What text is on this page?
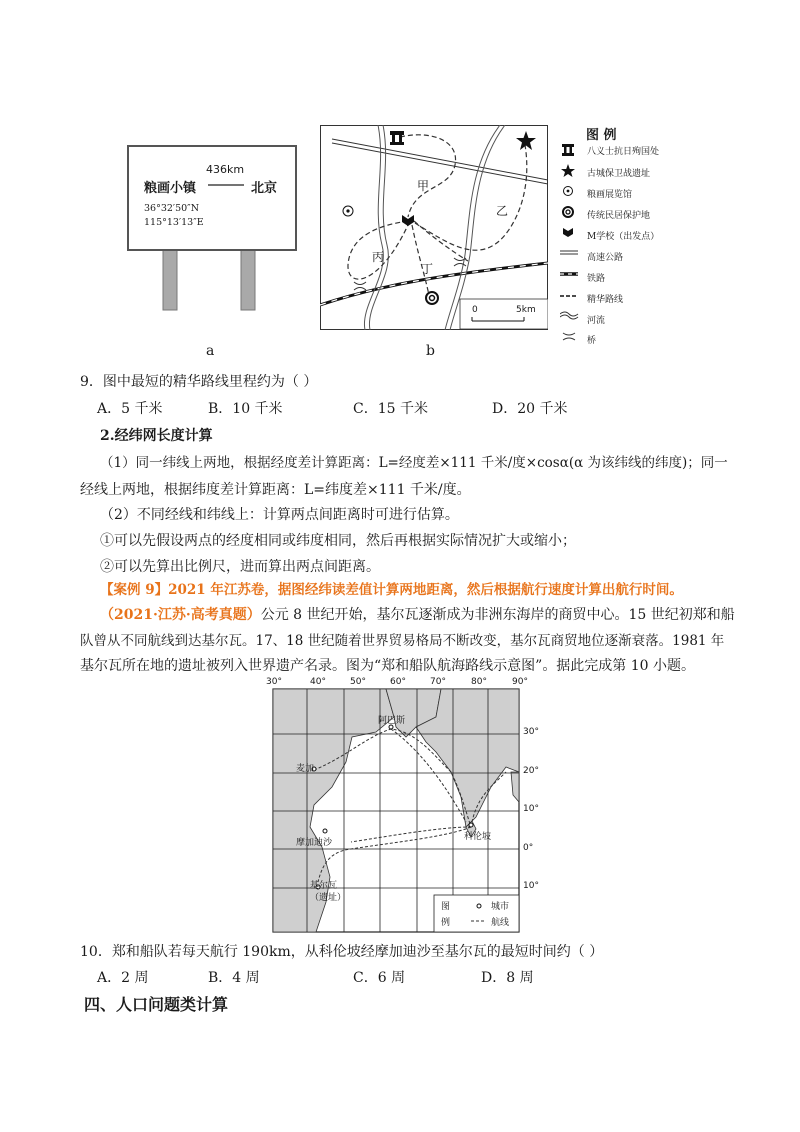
436km
粮画小镇	北京
36°32′50″N
115°13′13″E
a
甲
乙
丙
丁
0	5km
图 例
八义士抗日殉国处
古城保卫战遗址
粮画展览馆
传统民居保护地
M学校（出发点）
高速公路
铁路
精华路线
河流
桥
b
9．图中最短的精华路线里程约为（ ）
A．5 千米	B．10 千米	C．15 千米	D．20 千米
2.经纬网长度计算
（1）同一纬线上两地，根据经度差计算距离：L=经度差×111 千米/度×cosα(α 为该纬线的纬度)；同一
经线上两地，根据纬度差计算距离：L=纬度差×111 千米/度。
（2）不同经线和纬线上：计算两点间距离时可进行估算。
①可以先假设两点的经度相同或纬度相同，然后再根据实际情况扩大或缩小；
②可以先算出比例尺，进而算出两点间距离。
【案例 9】2021 年江苏卷，据图经纬读差值计算两地距离，然后根据航行速度计算出航行时间。
（2021·江苏·高考真题）公元 8 世纪开始，基尔瓦逐渐成为非洲东海岸的商贸中心。15 世纪初郑和船
队曾从不同航线到达基尔瓦。17、18 世纪随着世界贸易格局不断改变，基尔瓦商贸地位逐渐衰落。1981 年
基尔瓦所在地的遗址被列入世界遗产名录。图为“郑和船队航海路线示意图”。据此完成第 10 小题。
30°	40°	50°	60°	70°	80°	90°
30°
20°
10°
0°
10°
阿巴斯
麦加
摩加迪沙
科伦坡
基尔瓦
（遗址）
图
例
城市
航线
10．郑和船队若每天航行 190km，从科伦坡经摩加迪沙至基尔瓦的最短时间约（ ）
A．2 周	B．4 周	C．6 周	D．8 周
四、人口问题类计算
